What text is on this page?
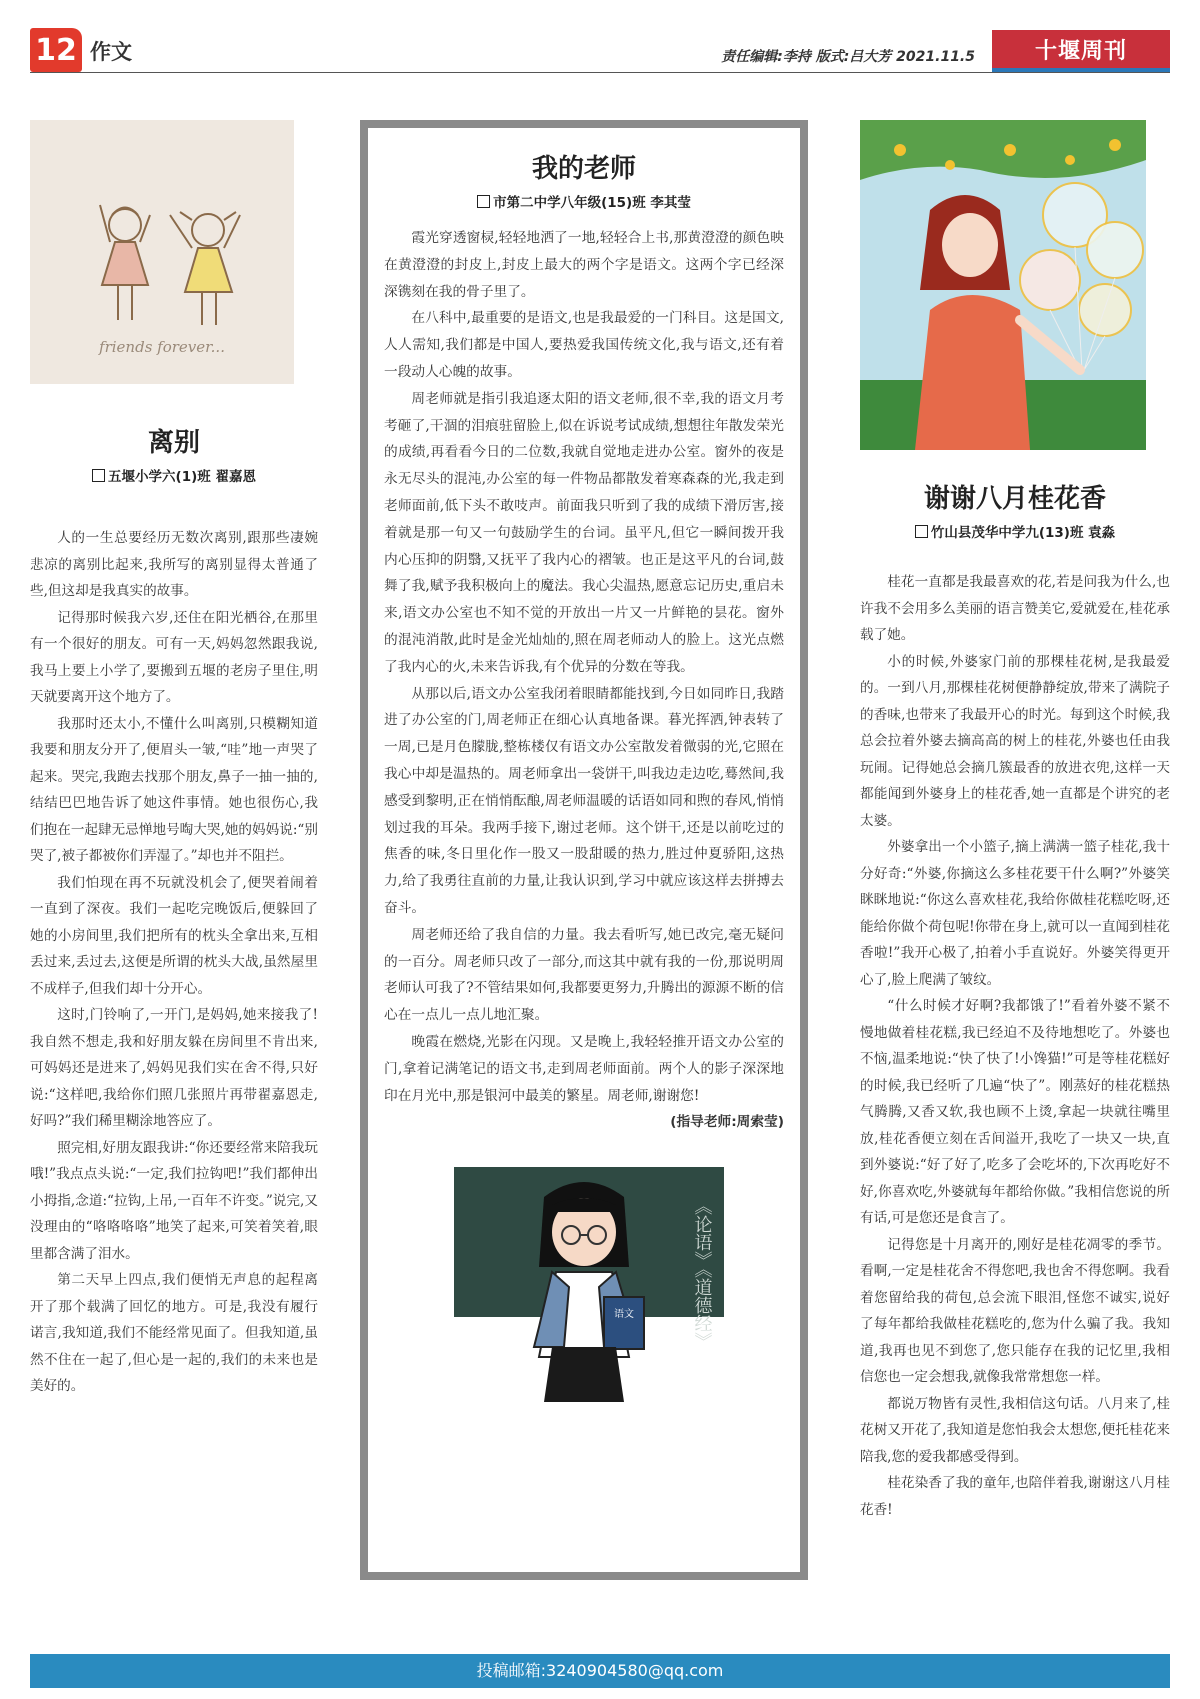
12 作文	责任编辑:李持 版式:吕大芳 2021.11.5	十堰周刊
friends forever...
离别
五堰小学六(1)班 翟嘉恩

人的一生总要经历无数次离别,跟那些凄婉悲凉的离别比起来,我所写的离别显得太普通了些,但这却是我真实的故事。

记得那时候我六岁,还住在阳光栖谷,在那里有一个很好的朋友。可有一天,妈妈忽然跟我说,我马上要上小学了,要搬到五堰的老房子里住,明天就要离开这个地方了。

我那时还太小,不懂什么叫离别,只模糊知道我要和朋友分开了,便眉头一皱,“哇”地一声哭了起来。哭完,我跑去找那个朋友,鼻子一抽一抽的,结结巴巴地告诉了她这件事情。她也很伤心,我们抱在一起肆无忌惮地号啕大哭,她的妈妈说:“别哭了,被子都被你们弄湿了。”却也并不阻拦。

我们怕现在再不玩就没机会了,便哭着闹着一直到了深夜。我们一起吃完晚饭后,便躲回了她的小房间里,我们把所有的枕头全拿出来,互相丢过来,丢过去,这便是所谓的枕头大战,虽然屋里不成样子,但我们却十分开心。

这时,门铃响了,一开门,是妈妈,她来接我了!我自然不想走,我和好朋友躲在房间里不肯出来,可妈妈还是进来了,妈妈见我们实在舍不得,只好说:“这样吧,我给你们照几张照片再带翟嘉恩走,好吗?”我们稀里糊涂地答应了。

照完相,好朋友跟我讲:“你还要经常来陪我玩哦!”我点点头说:“一定,我们拉钩吧!”我们都伸出小拇指,念道:“拉钩,上吊,一百年不许变。”说完,又没理由的“咯咯咯咯”地笑了起来,可笑着笑着,眼里都含满了泪水。

第二天早上四点,我们便悄无声息的起程离开了那个载满了回忆的地方。可是,我没有履行诺言,我知道,我们不能经常见面了。但我知道,虽然不住在一起了,但心是一起的,我们的未来也是美好的。

我的老师
市第二中学八年级(15)班 李其莹

霞光穿透窗棂,轻轻地洒了一地,轻轻合上书,那黄澄澄的颜色映在黄澄澄的封皮上,封皮上最大的两个字是语文。这两个字已经深深镌刻在我的骨子里了。

在八科中,最重要的是语文,也是我最爱的一门科目。这是国文,人人需知,我们都是中国人,要热爱我国传统文化,我与语文,还有着一段动人心魄的故事。

周老师就是指引我追逐太阳的语文老师,很不幸,我的语文月考考砸了,干涸的泪痕驻留脸上,似在诉说考试成绩,想想往年散发荣光的成绩,再看看今日的二位数,我就自觉地走进办公室。窗外的夜是永无尽头的混沌,办公室的每一件物品都散发着寒森森的光,我走到老师面前,低下头不敢吱声。前面我只听到了我的成绩下滑厉害,接着就是那一句又一句鼓励学生的台词。虽平凡,但它一瞬间拨开我内心压抑的阴翳,又抚平了我内心的褶皱。也正是这平凡的台词,鼓舞了我,赋予我积极向上的魔法。我心尖温热,愿意忘记历史,重启未来,语文办公室也不知不觉的开放出一片又一片鲜艳的昙花。窗外的混沌消散,此时是金光灿灿的,照在周老师动人的脸上。这光点燃了我内心的火,未来告诉我,有个优异的分数在等我。

从那以后,语文办公室我闭着眼睛都能找到,今日如同昨日,我踏进了办公室的门,周老师正在细心认真地备课。暮光挥洒,钟表转了一周,已是月色朦胧,整栋楼仅有语文办公室散发着微弱的光,它照在我心中却是温热的。周老师拿出一袋饼干,叫我边走边吃,蓦然间,我感受到黎明,正在悄悄酝酿,周老师温暖的话语如同和煦的春风,悄悄划过我的耳朵。我两手接下,谢过老师。这个饼干,还是以前吃过的焦香的味,冬日里化作一股又一股甜暖的热力,胜过仲夏骄阳,这热力,给了我勇往直前的力量,让我认识到,学习中就应该这样去拼搏去奋斗。

周老师还给了我自信的力量。我去看听写,她已改完,毫无疑问的一百分。周老师只改了一部分,而这其中就有我的一份,那说明周老师认可我了?不管结果如何,我都要更努力,升腾出的源源不断的信心在一点儿一点儿地汇聚。

晚霞在燃烧,光影在闪现。又是晚上,我轻轻推开语文办公室的门,拿着记满笔记的语文书,走到周老师面前。两个人的影子深深地印在月光中,那是银河中最美的繁星。周老师,谢谢您!
(指导老师:周索莹)

《论语》《道德经》
语文
谢谢八月桂花香
竹山县茂华中学九(13)班 袁淼

桂花一直都是我最喜欢的花,若是问我为什么,也许我不会用多么美丽的语言赞美它,爱就爱在,桂花承载了她。

小的时候,外婆家门前的那棵桂花树,是我最爱的。一到八月,那棵桂花树便静静绽放,带来了满院子的香味,也带来了我最开心的时光。每到这个时候,我总会拉着外婆去摘高高的树上的桂花,外婆也任由我玩闹。记得她总会摘几簇最香的放进衣兜,这样一天都能闻到外婆身上的桂花香,她一直都是个讲究的老太婆。

外婆拿出一个小篮子,摘上满满一篮子桂花,我十分好奇:“外婆,你摘这么多桂花要干什么啊?”外婆笑眯眯地说:“你这么喜欢桂花,我给你做桂花糕吃呀,还能给你做个荷包呢!你带在身上,就可以一直闻到桂花香啦!”我开心极了,拍着小手直说好。外婆笑得更开心了,脸上爬满了皱纹。

“什么时候才好啊?我都饿了!”看着外婆不紧不慢地做着桂花糕,我已经迫不及待地想吃了。外婆也不恼,温柔地说:“快了快了!小馋猫!”可是等桂花糕好的时候,我已经听了几遍“快了”。刚蒸好的桂花糕热气腾腾,又香又软,我也顾不上烫,拿起一块就往嘴里放,桂花香便立刻在舌间溢开,我吃了一块又一块,直到外婆说:“好了好了,吃多了会吃坏的,下次再吃好不好,你喜欢吃,外婆就每年都给你做。”我相信您说的所有话,可是您还是食言了。

记得您是十月离开的,刚好是桂花凋零的季节。看啊,一定是桂花舍不得您吧,我也舍不得您啊。我看着您留给我的荷包,总会流下眼泪,怪您不诚实,说好了每年都给我做桂花糕吃的,您为什么骗了我。我知道,我再也见不到您了,您只能存在我的记忆里,我相信您也一定会想我,就像我常常想您一样。

都说万物皆有灵性,我相信这句话。八月来了,桂花树又开花了,我知道是您怕我会太想您,便托桂花来陪我,您的爱我都感受得到。

桂花染香了我的童年,也陪伴着我,谢谢这八月桂花香!

投稿邮箱:3240904580@qq.com
